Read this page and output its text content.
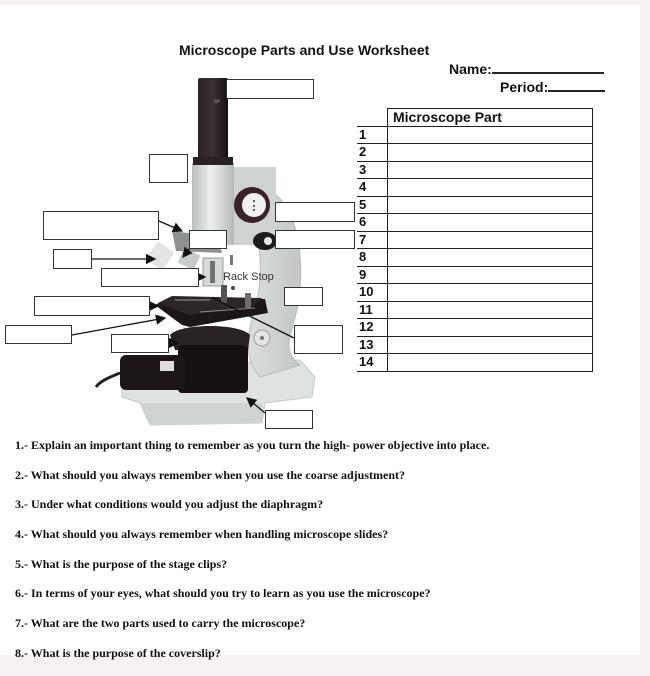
Microscope Parts and Use Worksheet
Name:
Period:
WF
Rack Stop
	Microscope Part
1	
2	
3	
4	
5	
6	
7	
8	
9	
10	
11	
12	
13	
14	
1.- Explain an important thing to remember as you turn the high- power objective into place.
2.- What should you always remember when you use the coarse adjustment?
3.- Under what conditions would you adjust the diaphragm?
4.- What should you always remember when handling microscope slides?
5.- What is the purpose of the stage clips?
6.- In terms of your eyes, what should you try to learn as you use the microscope?
7.- What are the two parts used to carry the microscope?
8.- What is the purpose of the coverslip?
